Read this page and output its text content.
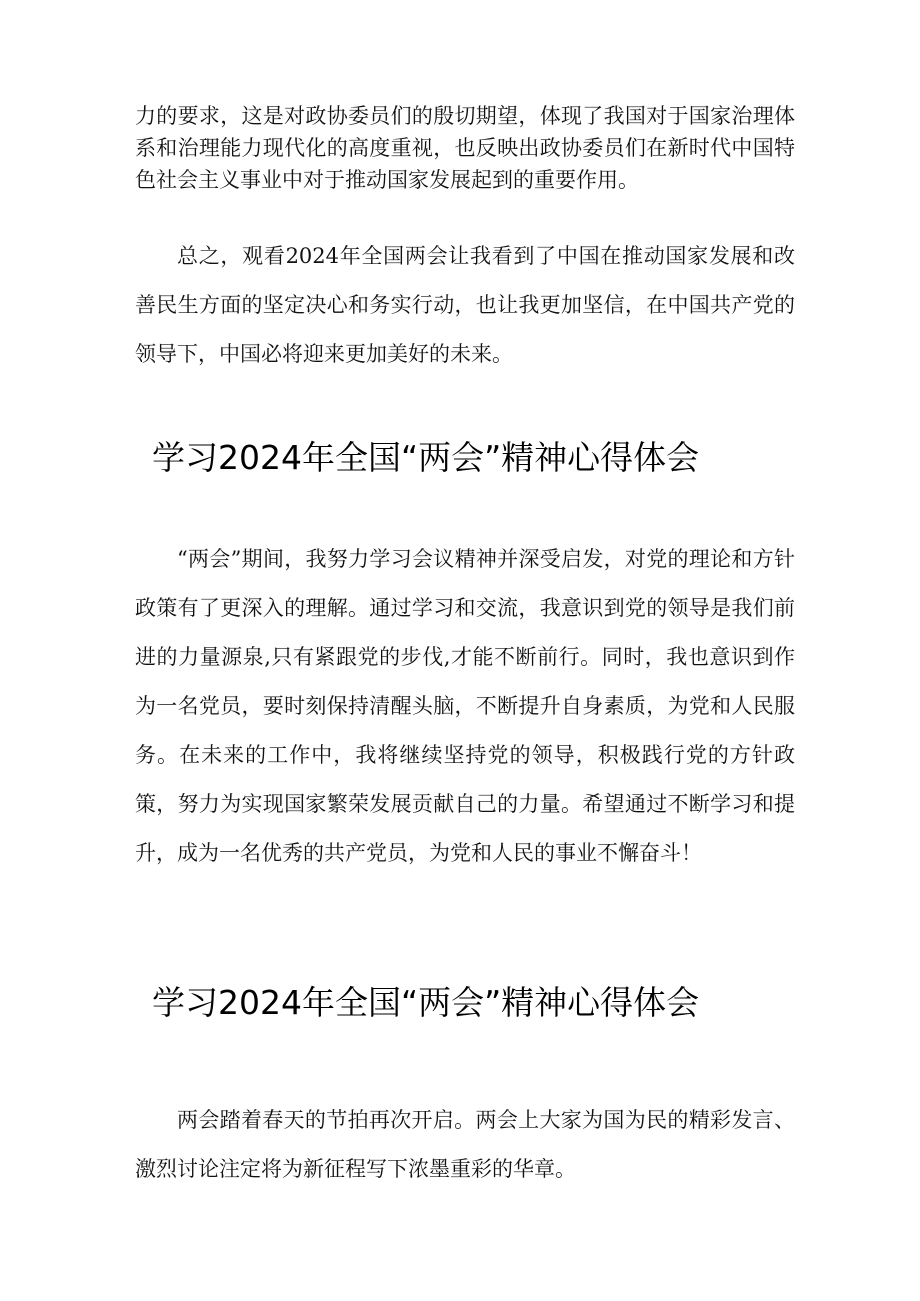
力的要求，这是对政协委员们的殷切期望，体现了我国对于国家治理体系和治理能力现代化的高度重视，也反映出政协委员们在新时代中国特色社会主义事业中对于推动国家发展起到的重要作用。

总之，观看2024年全国两会让我看到了中国在推动国家发展和改善民生方面的坚定决心和务实行动，也让我更加坚信，在中国共产党的领导下，中国必将迎来更加美好的未来。

学习2024年全国“两会”精神心得体会

“两会”期间，我努力学习会议精神并深受启发，对党的理论和方针政策有了更深入的理解。通过学习和交流，我意识到党的领导是我们前进的力量源泉,只有紧跟党的步伐,才能不断前行。同时，我也意识到作为一名党员，要时刻保持清醒头脑，不断提升自身素质，为党和人民服务。在未来的工作中，我将继续坚持党的领导，积极践行党的方针政策，努力为实现国家繁荣发展贡献自己的力量。希望通过不断学习和提升，成为一名优秀的共产党员，为党和人民的事业不懈奋斗！

学习2024年全国“两会”精神心得体会

两会踏着春天的节拍再次开启。两会上大家为国为民的精彩发言、激烈讨论注定将为新征程写下浓墨重彩的华章。
